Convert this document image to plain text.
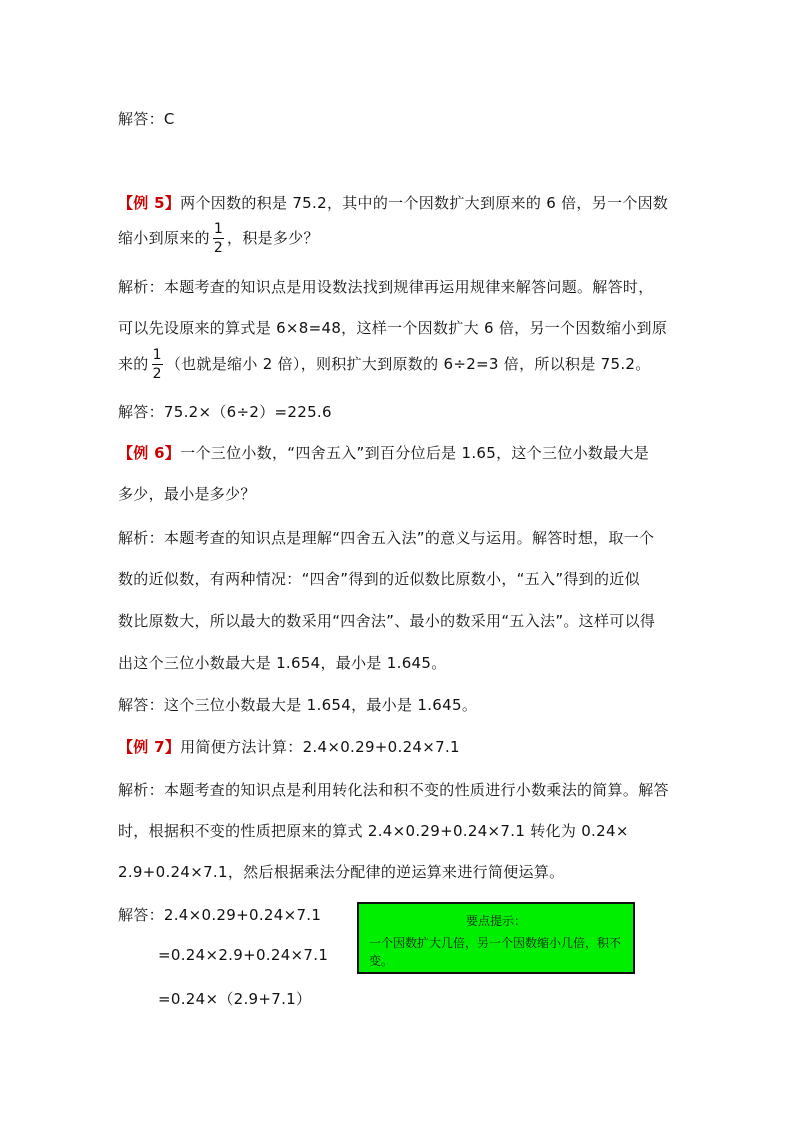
解答：C
【例 5】两个因数的积是 75.2，其中的一个因数扩大到原来的 6 倍，另一个因数
缩小到原来的 $\frac{1}{2}$ ，积是多少？
解析：本题考查的知识点是用设数法找到规律再运用规律来解答问题。解答时，
可以先设原来的算式是 6×8=48，这样一个因数扩大 6 倍，另一个因数缩小到原
来的 $\frac{1}{2}$ （也就是缩小 2 倍），则积扩大到原数的 6÷2=3 倍，所以积是 75.2。
解答：75.2×（6÷2）=225.6
【例 6】一个三位小数，“四舍五入”到百分位后是 1.65，这个三位小数最大是
多少，最小是多少？
解析：本题考查的知识点是理解“四舍五入法”的意义与运用。解答时想，取一个
数的近似数，有两种情况：“四舍”得到的近似数比原数小，“五入”得到的近似
数比原数大，所以最大的数采用“四舍法”、最小的数采用“五入法”。这样可以得
出这个三位小数最大是 1.654，最小是 1.645。
解答：这个三位小数最大是 1.654，最小是 1.645。
【例 7】用简便方法计算：2.4×0.29+0.24×7.1
解析：本题考查的知识点是利用转化法和积不变的性质进行小数乘法的简算。解答
时，根据积不变的性质把原来的算式 2.4×0.29+0.24×7.1 转化为 0.24×
2.9+0.24×7.1，然后根据乘法分配律的逆运算来进行简便运算。
解答：2.4×0.29+0.24×7.1
=0.24×2.9+0.24×7.1
=0.24×（2.9+7.1）
要点提示：
一个因数扩大几倍，另一个因数缩小几倍，积不变。
